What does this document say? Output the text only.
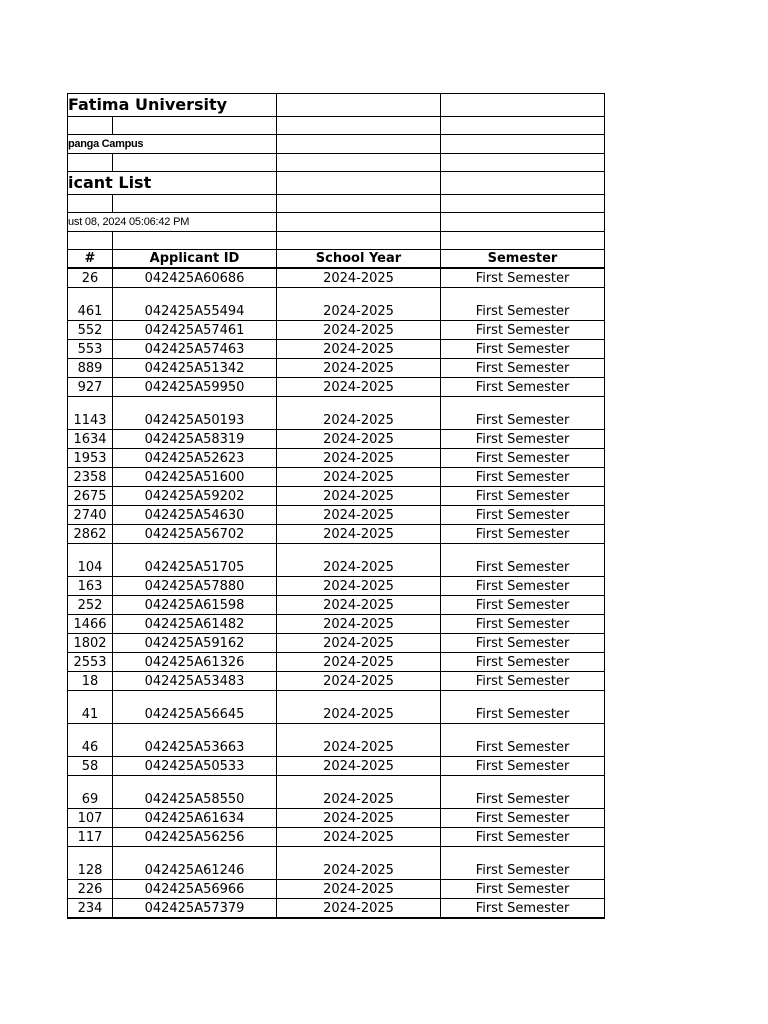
Fatima University			

panga Campus			

icant List			

ust 08, 2024 05:06:42 PM			

#	Applicant ID	School Year	Semester
26	042425A60686	2024-2025	First Semester
461	042425A55494	2024-2025	First Semester
552	042425A57461	2024-2025	First Semester
553	042425A57463	2024-2025	First Semester
889	042425A51342	2024-2025	First Semester
927	042425A59950	2024-2025	First Semester
1143	042425A50193	2024-2025	First Semester
1634	042425A58319	2024-2025	First Semester
1953	042425A52623	2024-2025	First Semester
2358	042425A51600	2024-2025	First Semester
2675	042425A59202	2024-2025	First Semester
2740	042425A54630	2024-2025	First Semester
2862	042425A56702	2024-2025	First Semester
104	042425A51705	2024-2025	First Semester
163	042425A57880	2024-2025	First Semester
252	042425A61598	2024-2025	First Semester
1466	042425A61482	2024-2025	First Semester
1802	042425A59162	2024-2025	First Semester
2553	042425A61326	2024-2025	First Semester
18	042425A53483	2024-2025	First Semester
41	042425A56645	2024-2025	First Semester
46	042425A53663	2024-2025	First Semester
58	042425A50533	2024-2025	First Semester
69	042425A58550	2024-2025	First Semester
107	042425A61634	2024-2025	First Semester
117	042425A56256	2024-2025	First Semester
128	042425A61246	2024-2025	First Semester
226	042425A56966	2024-2025	First Semester
234	042425A57379	2024-2025	First Semester
